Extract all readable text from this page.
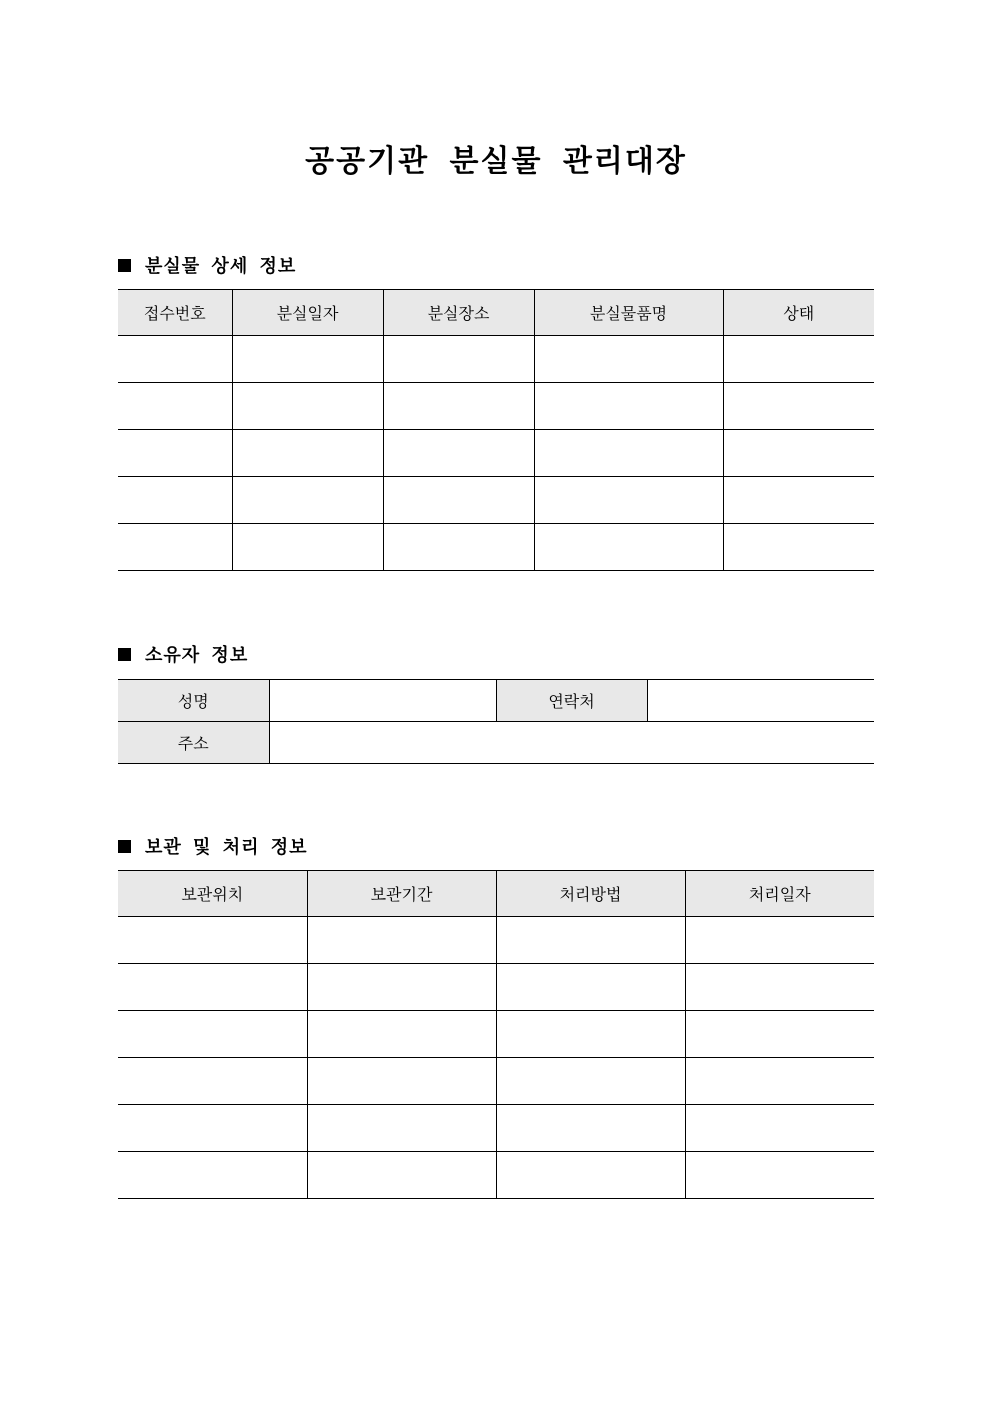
공공기관 분실물 관리대장
분실물 상세 정보
접수번호	분실일자	분실장소	분실물품명	상태

소유자 정보
성명		연락처	
주소			
보관 및 처리 정보
보관위치	보관기간	처리방법	처리일자
